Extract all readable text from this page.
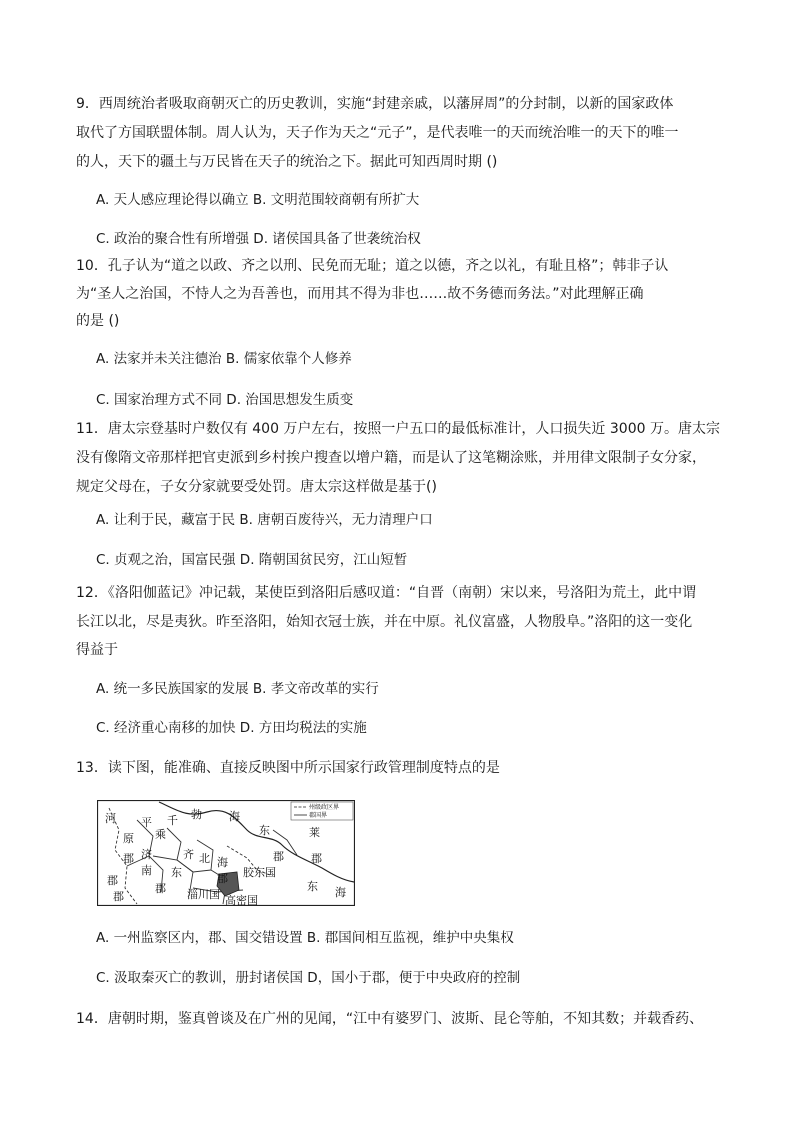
9．西周统治者吸取商朝灭亡的历史教训，实施“封建亲戚，以藩屏周”的分封制，以新的国家政体
取代了方国联盟体制。周人认为，天子作为天之“元子”，是代表唯一的天而统治唯一的天下的唯一
的人，天下的疆土与万民皆在天子的统治之下。据此可知西周时期 ()
A. 天人感应理论得以确立 B. 文明范围较商朝有所扩大
C. 政治的聚合性有所增强 D. 诸侯国具备了世袭统治权
10．孔子认为“道之以政、齐之以刑、民免而无耻；道之以德，齐之以礼，有耻且格”；韩非子认
为“圣人之治国，不恃人之为吾善也，而用其不得为非也……故不务德而务法。”对此理解正确
的是 ()
A. 法家并未关注德治 B. 儒家依靠个人修养
C. 国家治理方式不同 D. 治国思想发生质变
11．唐太宗登基时户数仅有 400 万户左右，按照一户五口的最低标准计，人口损失近 3000 万。唐太宗
没有像隋文帝那样把官吏派到乡村挨户搜查以增户籍，而是认了这笔糊涂账，并用律文限制子女分家，
规定父母在，子女分家就要受处罚。唐太宗这样做是基于()
A. 让利于民，藏富于民 B. 唐朝百废待兴，无力清理户口
C. 贞观之治，国富民强 D. 隋朝国贫民穷，江山短暂
12．《洛阳伽蓝记》冲记载，某使臣到洛阳后感叹道：“自晋（南朝）宋以来，号洛阳为荒土，此中谓
长江以北，尽是夷狄。昨至洛阳，始知衣冠士族，并在中原。礼仪富盛，人物殷阜。”洛阳的这一变化
得益于
A. 统一多民族国家的发展 B. 孝文帝改革的实行
C. 经济重心南移的加快 D. 方田均税法的实施
13．读下图，能准确、直接反映图中所示国家行政管理制度特点的是
州级政区界
郡国界
河 平 千 勃 海
东	莱
原 乘
济
南
郡
齐 北 海
郡 胶东国
郡
东 海
淄川国 高密国
郡
东
郡
郡
郡
A. 一州监察区内，郡、国交错设置 B. 郡国间相互监视，维护中央集权
C. 汲取秦灭亡的教训，册封诸侯国 D，国小于郡，便于中央政府的控制
14．唐朝时期，鉴真曾谈及在广州的见闻，“江中有婆罗门、波斯、昆仑等舶，不知其数；并载香药、
